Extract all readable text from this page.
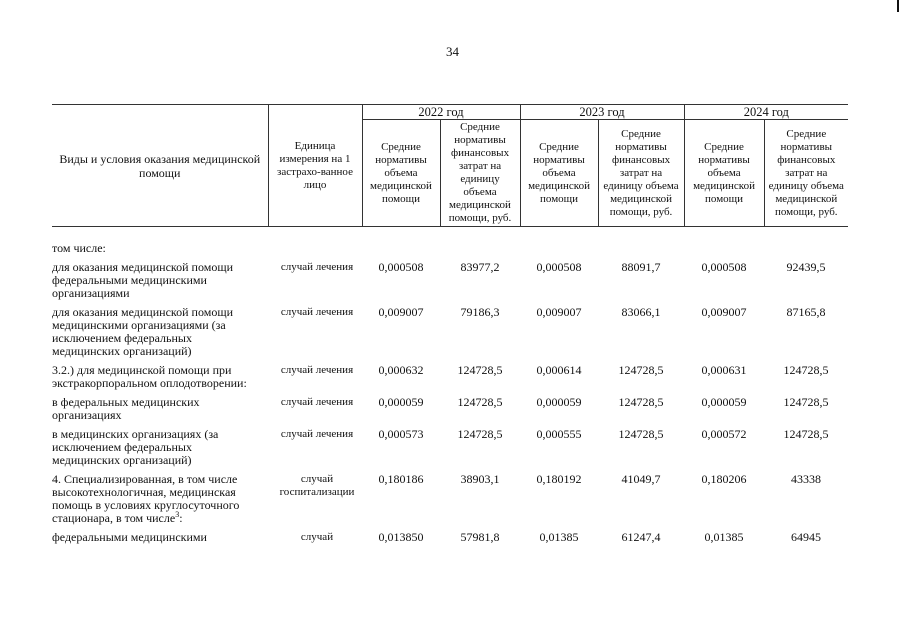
34
Виды и условия оказания медицинской помощи	Единица измерения на 1 застрахо-ванное лицо	2022 год		2023 год		2024 год	
		Средние нормативы объема медицинской помощи	Средние нормативы финансовых затрат на единицу объема медицинской помощи, руб.	Средние нормативы объема медицинской помощи	Средние нормативы финансовых затрат на единицу объема медицинской помощи, руб.	Средние нормативы объема медицинской помощи	Средние нормативы финансовых затрат на единицу объема медицинской помощи, руб.

том числе:							
для оказания медицинской помощи федеральными медицинскими организациями	случай лечения	0,000508	83977,2	0,000508	88091,7	0,000508	92439,5
для оказания медицинской помощи медицинскими организациями (за исключением федеральных медицинских организаций)	случай лечения	0,009007	79186,3	0,009007	83066,1	0,009007	87165,8
3.2.) для медицинской помощи при экстракорпоральном оплодотворении:	случай лечения	0,000632	124728,5	0,000614	124728,5	0,000631	124728,5
в федеральных медицинских организациях	случай лечения	0,000059	124728,5	0,000059	124728,5	0,000059	124728,5
в медицинских организациях (за исключением федеральных медицинских организаций)	случай лечения	0,000573	124728,5	0,000555	124728,5	0,000572	124728,5
4. Специализированная, в том числе высокотехнологичная, медицинская помощь в условиях круглосуточного стационара, в том числе$^3$:	случай госпитализации	0,180186	38903,1	0,180192	41049,7	0,180206	43338
федеральными медицинскими	случай	0,013850	57981,8	0,01385	61247,4	0,01385	64945
